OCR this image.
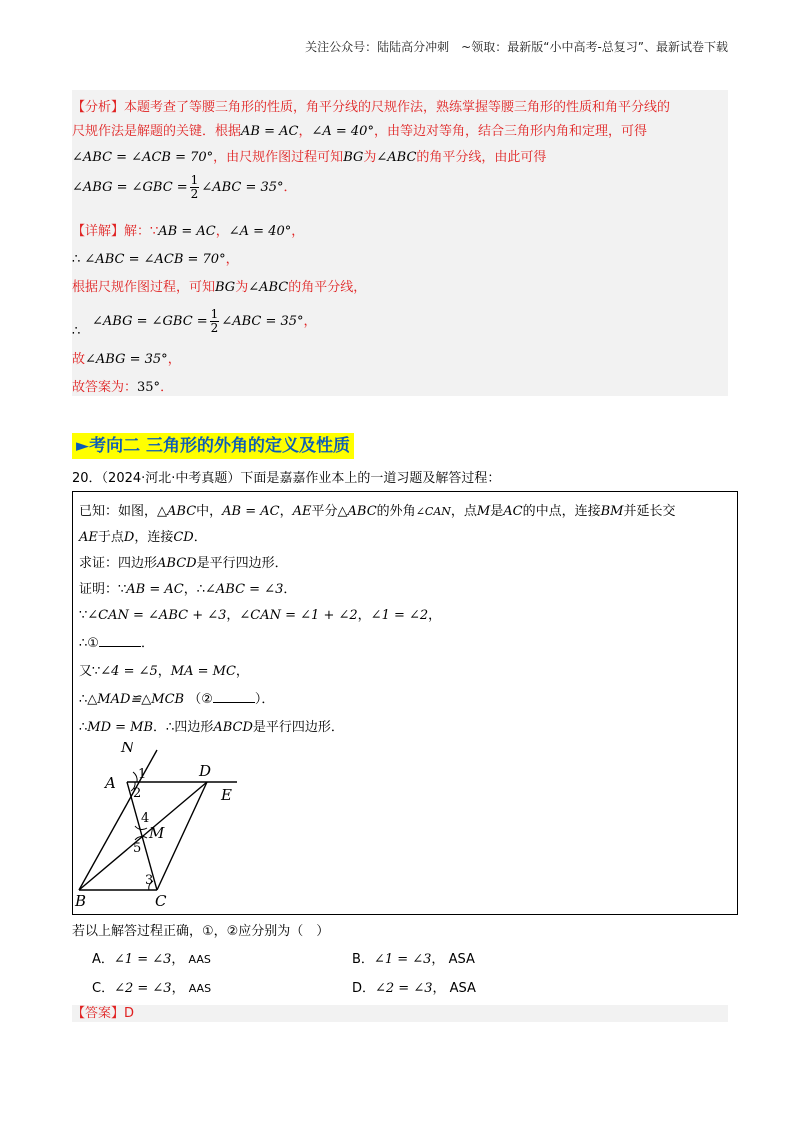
关注公众号：陆陆高分冲刺　~领取：最新版“小中高考-总复习”、最新试卷下载
【分析】本题考查了等腰三角形的性质，角平分线的尺规作法，熟练掌握等腰三角形的性质和角平分线的
尺规作法是解题的关键．根据AB = AC，∠A = 40°，由等边对等角，结合三角形内角和定理，可得
∠ABC = ∠ACB = 70°，由尺规作图过程可知BG为∠ABC的角平分线，由此可得
∠ABG = ∠GBC = $\frac{1}{2}$ ∠ABC = 35°．
【详解】解：∵AB = AC，∠A = 40°，
∴ ∠ABC = ∠ACB = 70°，
根据尺规作图过程，可知BG为∠ABC的角平分线，
∴∠ABG = ∠GBC = $\frac{1}{2}$ ∠ABC = 35°，
故∠ABG = 35°，
故答案为：35°．
►考向二 三角形的外角的定义及性质
20．（2024·河北·中考真题）下面是嘉嘉作业本上的一道习题及解答过程：
已知：如图，△ABC中，AB = AC，AE平分△ABC的外角∠CAN，点M是AC的中点，连接BM并延长交
AE于点D，连接CD．
求证：四边形ABCD是平行四边形．
证明：∵AB = AC，∴∠ABC = ∠3．
∵∠CAN = ∠ABC + ∠3，∠CAN = ∠1 + ∠2，∠1 = ∠2，
∴①	．
又∵∠4 = ∠5，MA = MC，
∴△MAD≌△MCB （②	）．
∴MD = MB．∴四边形ABCD是平行四边形．
N
A
D
E
M
B	C
1
2
3
4
5
若以上解答过程正确，①，②应分别为（　）
A．∠1 = ∠3， AAS	B．∠1 = ∠3， ASA
C．∠2 = ∠3， AAS	D．∠2 = ∠3， ASA
【答案】D
